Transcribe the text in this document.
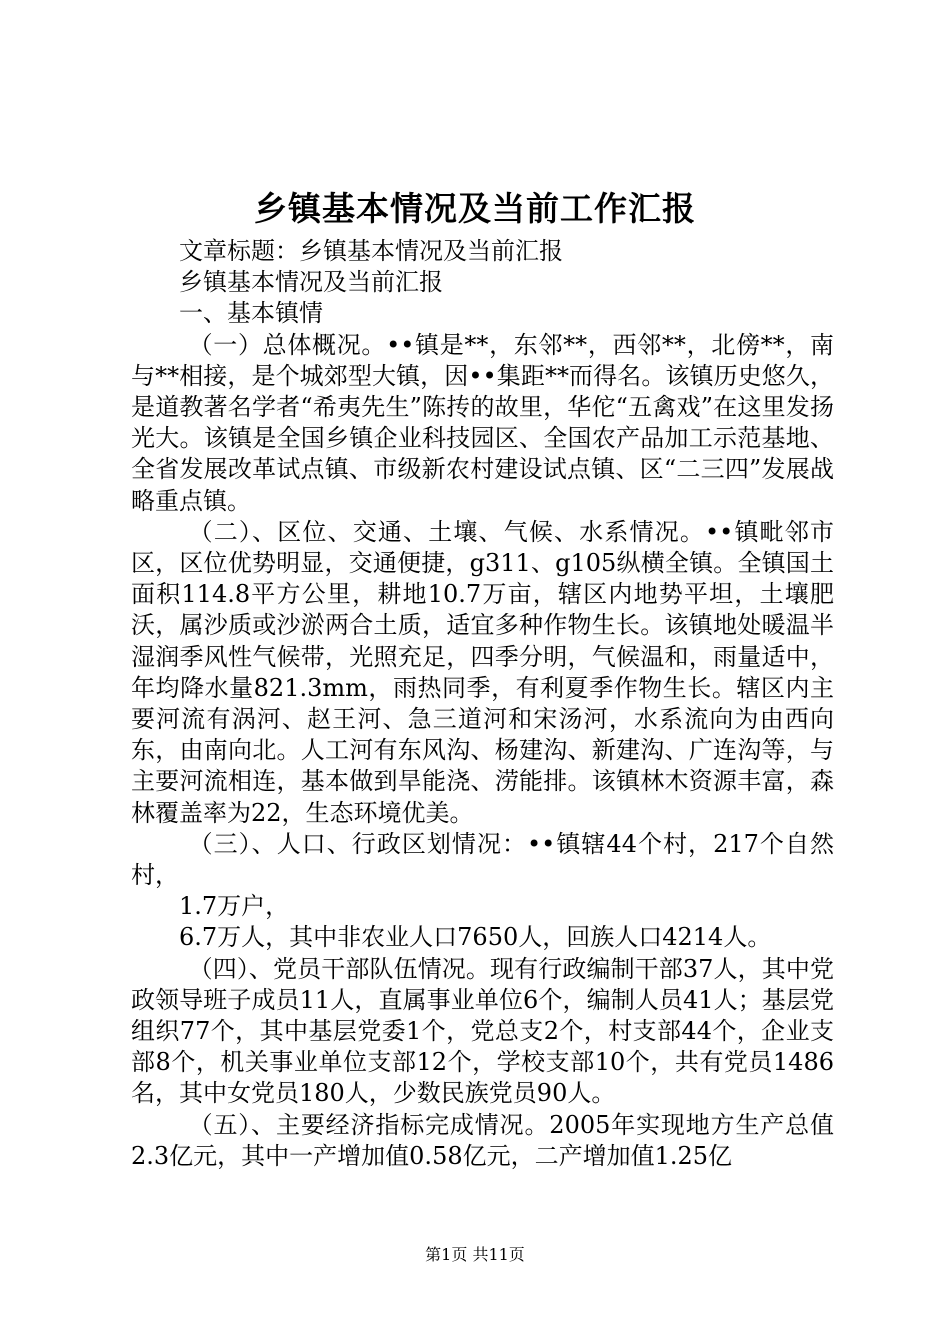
乡镇基本情况及当前工作汇报

文章标题：乡镇基本情况及当前汇报

乡镇基本情况及当前汇报

一、基本镇情

（一）总体概况。••镇是**，东邻**，西邻**，北傍**，南与**相接，是个城郊型大镇，因••集距**而得名。该镇历史悠久，是道教著名学者“希夷先生”陈抟的故里，华佗“五禽戏”在这里发扬光大。该镇是全国乡镇企业科技园区、全国农产品加工示范基地、全省发展改革试点镇、市级新农村建设试点镇、区“二三四”发展战略重点镇。

（二）、区位、交通、土壤、气候、水系情况。••镇毗邻市区，区位优势明显，交通便捷，g311、g105纵横全镇。全镇国土面积114.8平方公里，耕地10.7万亩，辖区内地势平坦，土壤肥沃，属沙质或沙淤两合土质，适宜多种作物生长。该镇地处暖温半湿润季风性气候带，光照充足，四季分明，气候温和，雨量适中，年均降水量821.3mm，雨热同季，有利夏季作物生长。辖区内主要河流有涡河、赵王河、急三道河和宋汤河，水系流向为由西向东，由南向北。人工河有东风沟、杨建沟、新建沟、广连沟等，与主要河流相连，基本做到旱能浇、涝能排。该镇林木资源丰富，森林覆盖率为22，生态环境优美。

（三）、人口、行政区划情况：••镇辖44个村，217个自然村，

1.7万户，

6.7万人，其中非农业人口7650人，回族人口4214人。

（四）、党员干部队伍情况。现有行政编制干部37人，其中党政领导班子成员11人，直属事业单位6个，编制人员41人；基层党组织77个，其中基层党委1个，党总支2个，村支部44个，企业支部8个，机关事业单位支部12个，学校支部10个，共有党员1486名，其中女党员180人，少数民族党员90人。

（五）、主要经济指标完成情况。2005年实现地方生产总值2.3亿元，其中一产增加值0.58亿元，二产增加值1.25亿

第1页 共11页
